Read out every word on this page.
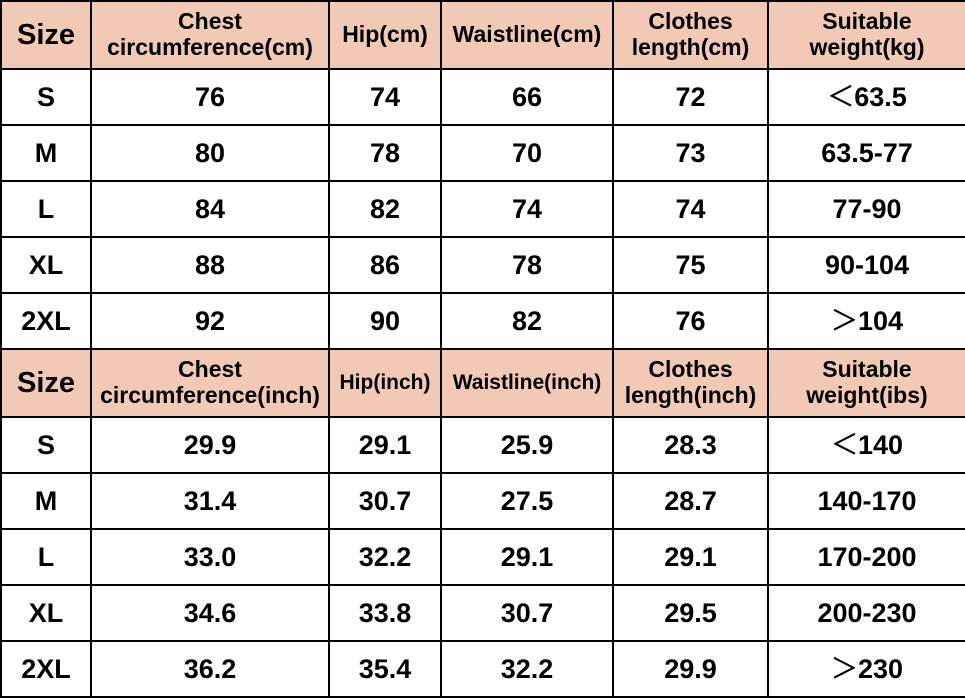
Size	Chest circumference(cm)	Hip(cm)	Waistline(cm)	Clothes length(cm)	Suitable weight(kg)
S	76	74	66	72	＜63.5
M	80	78	70	73	63.5-77
L	84	82	74	74	77-90
XL	88	86	78	75	90-104
2XL	92	90	82	76	＞104
Size	Chest circumference(inch)	Hip(inch)	Waistline(inch)	Clothes length(inch)	Suitable weight(ibs)
S	29.9	29.1	25.9	28.3	＜140
M	31.4	30.7	27.5	28.7	140-170
L	33.0	32.2	29.1	29.1	170-200
XL	34.6	33.8	30.7	29.5	200-230
2XL	36.2	35.4	32.2	29.9	＞230
